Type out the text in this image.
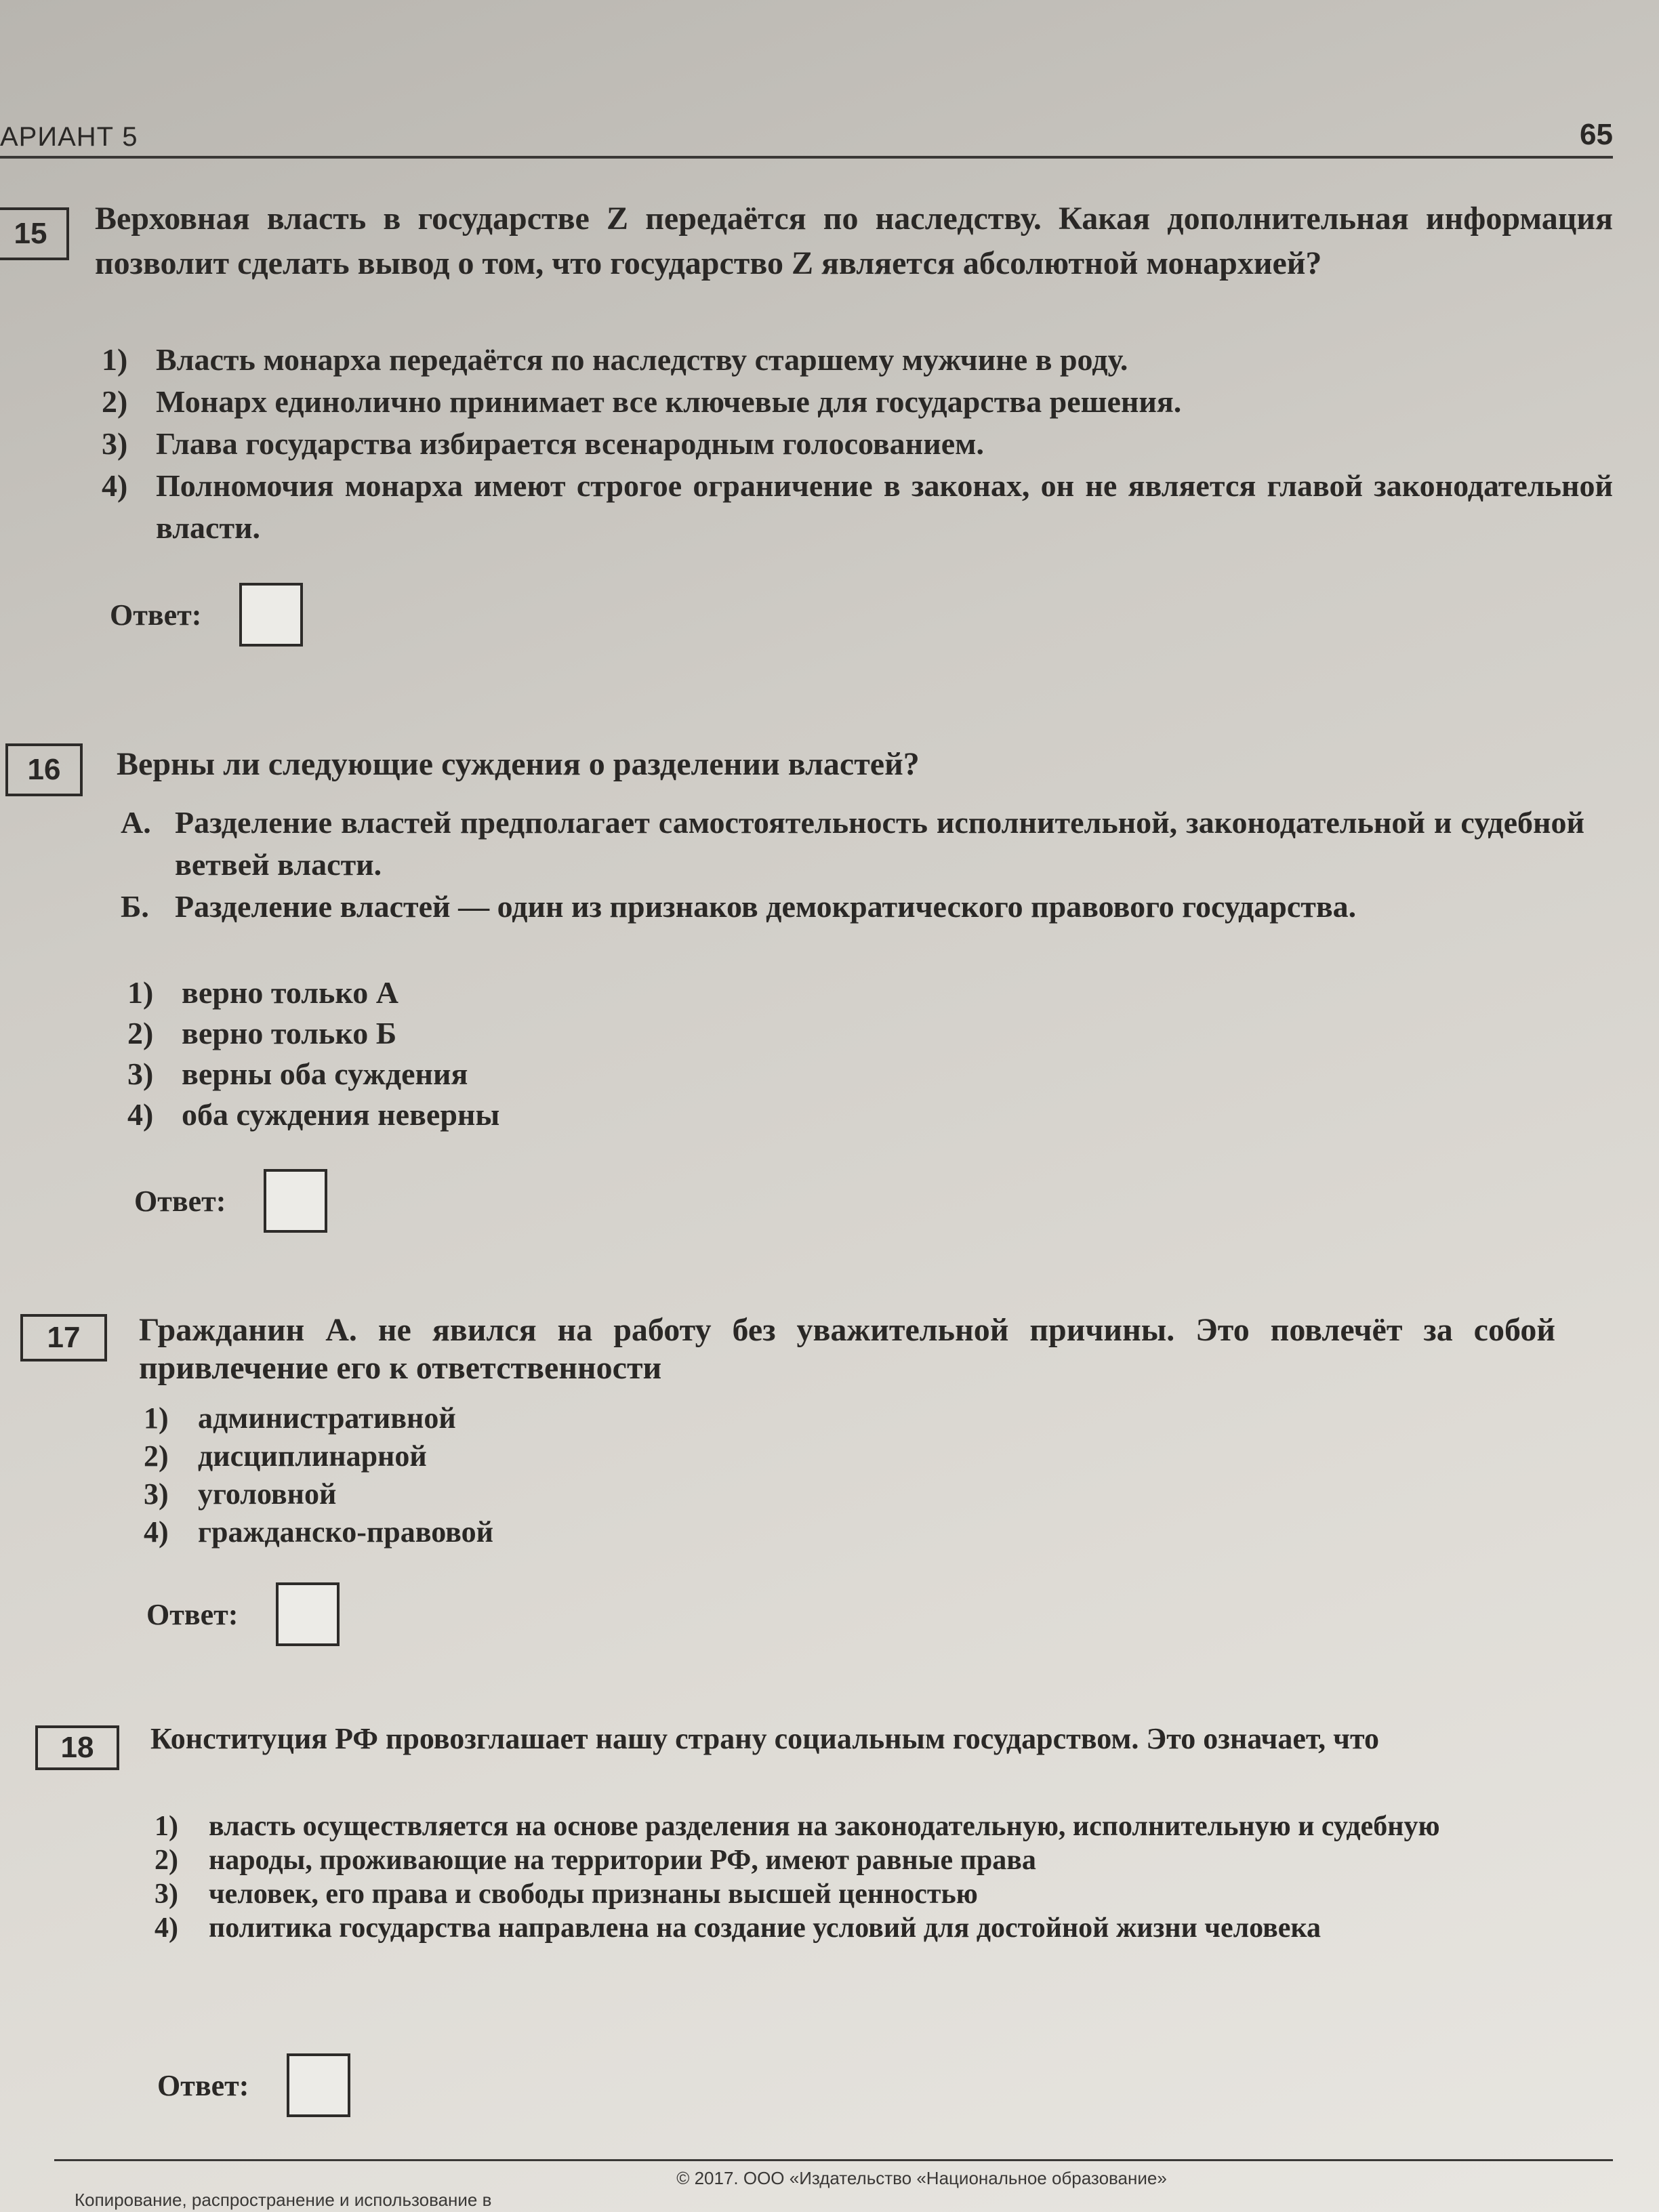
АРИАНТ 5	65
15	Верховная власть в государстве Z передаётся по наследству. Какая дополнительная информация позволит сделать вывод о том, что государство Z является абсолютной монархией?
1) Власть монарха передаётся по наследству старшему мужчине в роду.
2) Монарх единолично принимает все ключевые для государства решения.
3) Глава государства избирается всенародным голосованием.
4) Полномочия монарха имеют строгое ограничение в законах, он не является главой законодательной власти.
Ответ:
16	Верны ли следующие суждения о разделении властей?
А. Разделение властей предполагает самостоятельность исполнительной, законодательной и судебной ветвей власти.
Б. Разделение властей — один из признаков демократического правового государства.
1) верно только А
2) верно только Б
3) верны оба суждения
4) оба суждения неверны
Ответ:
17	Гражданин А. не явился на работу без уважительной причины. Это повлечёт за собой привлечение его к ответственности
1) административной
2) дисциплинарной
3) уголовной
4) гражданско-правовой
Ответ:
18	Конституция РФ провозглашает нашу страну социальным государством. Это означает, что
1)	власть осуществляется на основе разделения на законодательную, исполнительную и судебную
2)	народы, проживающие на территории РФ, имеют равные права
3)	человек, его права и свободы признаны высшей ценностью
4)	политика государства направлена на создание условий для достойной жизни человека
Ответ:
© 2017. ООО «Издательство «Национальное образование»
Копирование, распространение и использование в
